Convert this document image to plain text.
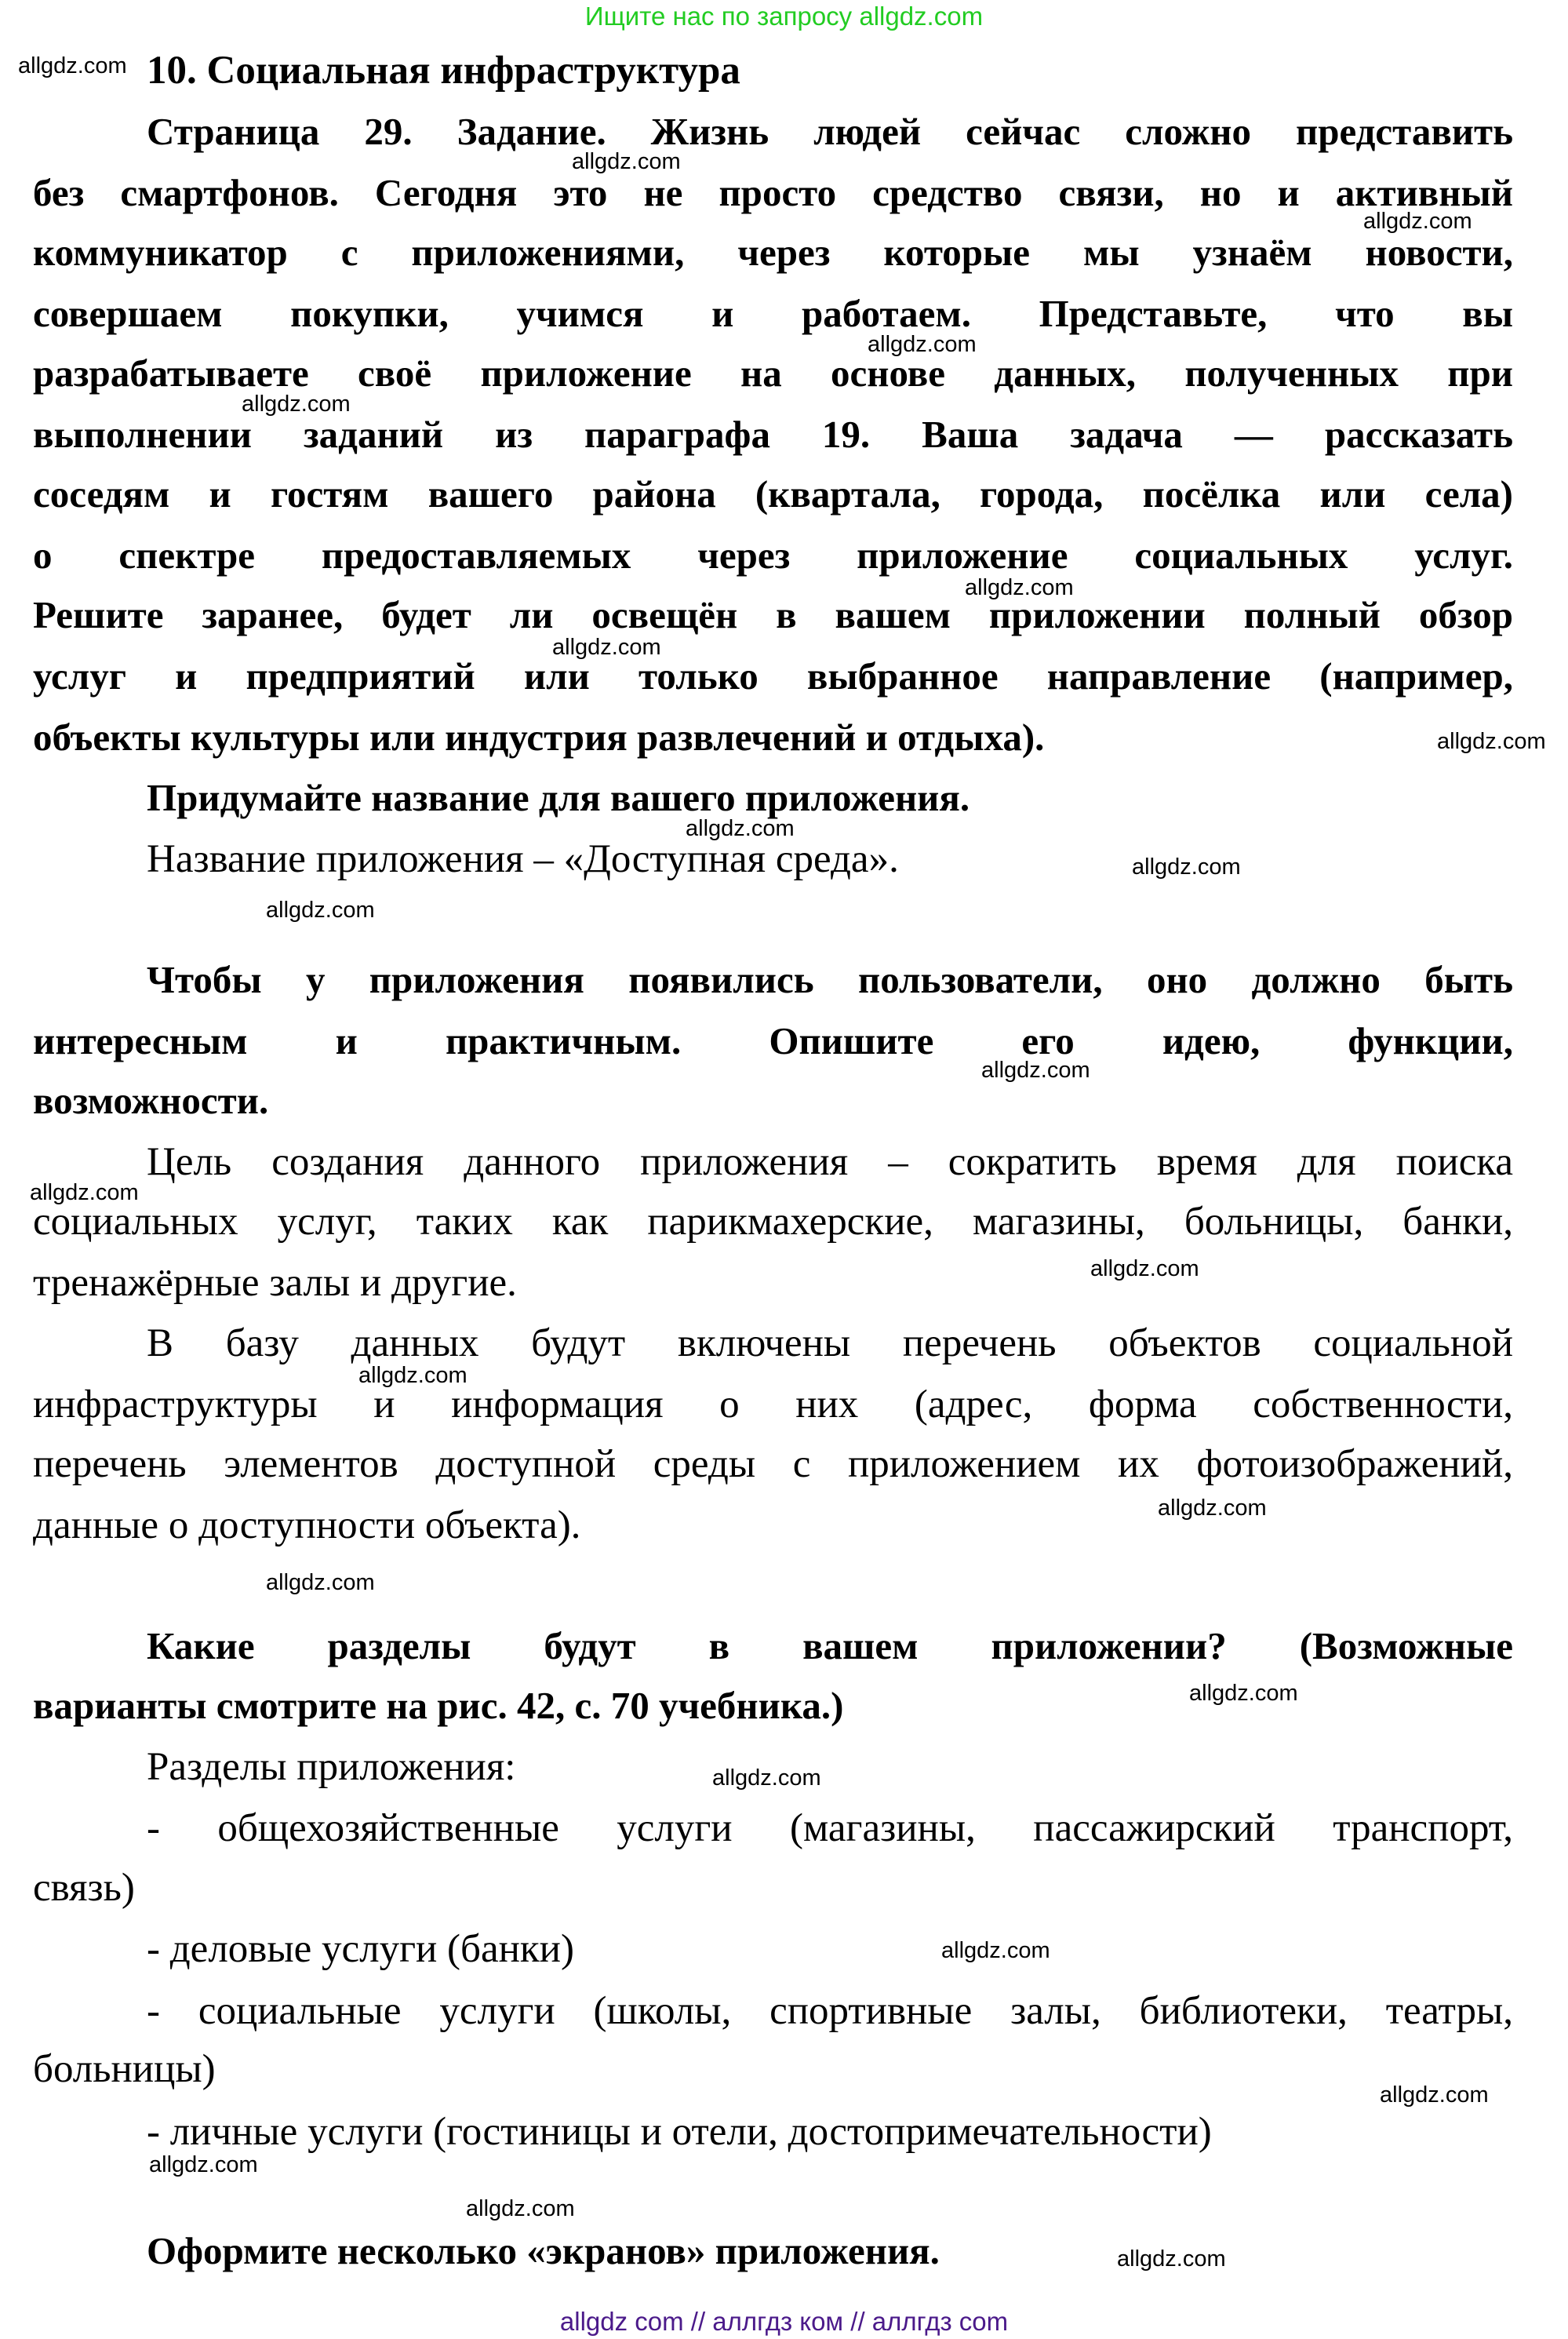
Ищите нас по запросу allgdz.com
10. Социальная инфраструктура
Страница 29. Задание. Жизнь людей сейчас сложно представить
без смартфонов. Сегодня это не просто средство связи, но и активный
коммуникатор с приложениями, через которые мы узнаём новости,
совершаем покупки, учимся и работаем. Представьте, что вы
разрабатываете своё приложение на основе данных, полученных при
выполнении заданий из параграфа 19. Ваша задача — рассказать
соседям и гостям вашего района (квартала, города, посёлка или села)
о спектре предоставляемых через приложение социальных услуг.
Решите заранее, будет ли освещён в вашем приложении полный обзор
услуг и предприятий или только выбранное направление (например,
объекты культуры или индустрия развлечений и отдыха).
Придумайте название для вашего приложения.
Название приложения – «Доступная среда».
Чтобы у приложения появились пользователи, оно должно быть
интересным и практичным. Опишите его идею, функции,
возможности.
Цель создания данного приложения – сократить время для поиска
социальных услуг, таких как парикмахерские, магазины, больницы, банки,
тренажёрные залы и другие.
В базу данных будут включены перечень объектов социальной
инфраструктуры и информация о них (адрес, форма собственности,
перечень элементов доступной среды с приложением их фотоизображений,
данные о доступности объекта).
Какие разделы будут в вашем приложении? (Возможные
варианты смотрите на рис. 42, с. 70 учебника.)
Разделы приложения:
- общехозяйственные услуги (магазины, пассажирский транспорт,
связь)
- деловые услуги (банки)
- социальные услуги (школы, спортивные залы, библиотеки, театры,
больницы)
- личные услуги (гостиницы и отели, достопримечательности)
Оформите несколько «экранов» приложения.
allgdz.com
allgdz.com
allgdz.com
allgdz.com
allgdz.com
allgdz.com
allgdz.com
allgdz.com
allgdz.com
allgdz.com
allgdz.com
allgdz.com
allgdz.com
allgdz.com
allgdz.com
allgdz.com
allgdz.com
allgdz.com
allgdz.com
allgdz.com
allgdz.com
allgdz.com
allgdz.com
allgdz.com
allgdz com // аллгдз ком // аллгдз com
